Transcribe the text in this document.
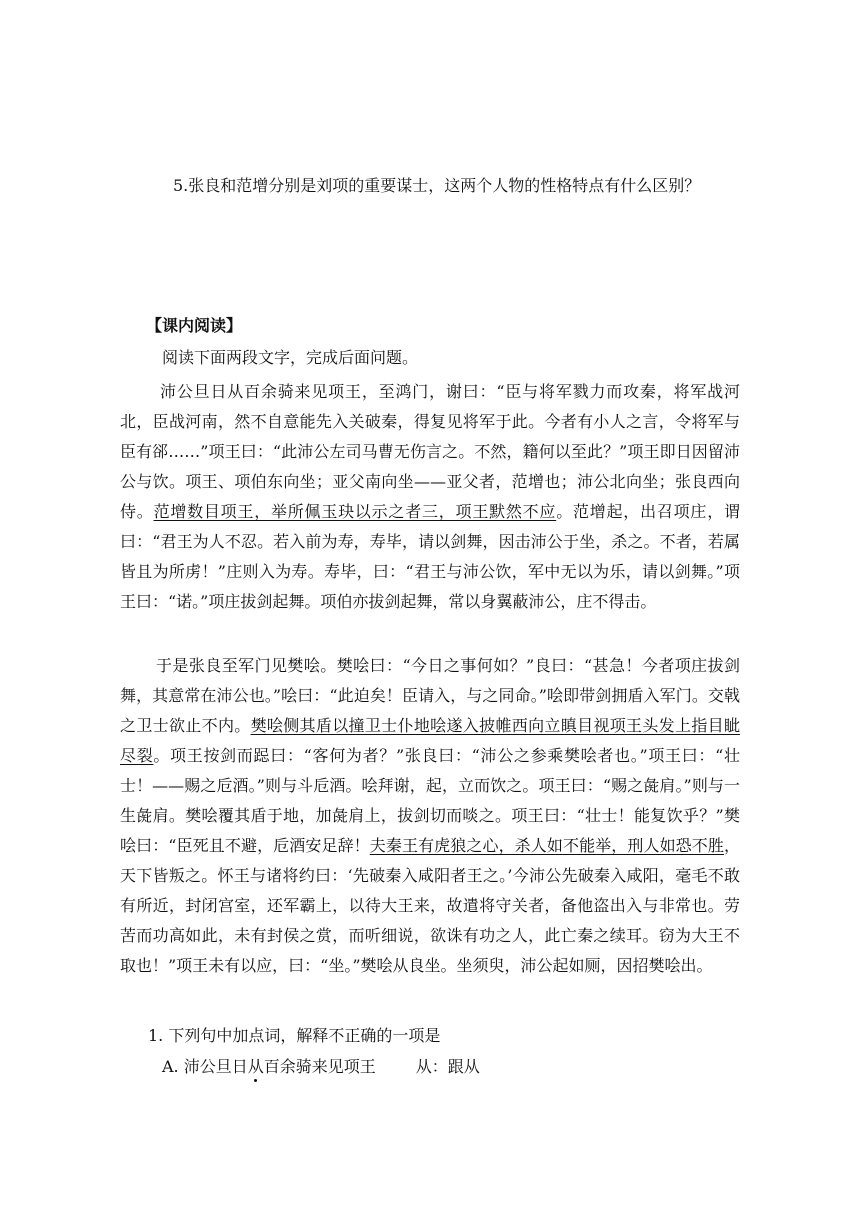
5.张良和范增分别是刘项的重要谋士，这两个人物的性格特点有什么区别？
【课内阅读】
阅读下面两段文字，完成后面问题。
沛公旦日从百余骑来见项王，至鸿门，谢曰：“臣与将军戮力而攻秦，将军战河北，臣战河南，然不自意能先入关破秦，得复见将军于此。今者有小人之言，令将军与臣有郤……”项王曰：“此沛公左司马曹无伤言之。不然，籍何以至此？”项王即日因留沛公与饮。项王、项伯东向坐；亚父南向坐——亚父者，范增也；沛公北向坐；张良西向侍。范增数目项王，举所佩玉玦以示之者三，项王默然不应。范增起，出召项庄，谓曰：“君王为人不忍。若入前为寿，寿毕，请以剑舞，因击沛公于坐，杀之。不者，若属皆且为所虏！”庄则入为寿。寿毕，曰：“君王与沛公饮，军中无以为乐，请以剑舞。”项王曰：“诺。”项庄拔剑起舞。项伯亦拔剑起舞，常以身翼蔽沛公，庄不得击。
于是张良至军门见樊哙。樊哙曰：“今日之事何如？”良曰：“甚急！今者项庄拔剑舞，其意常在沛公也。”哙曰：“此迫矣！臣请入，与之同命。”哙即带剑拥盾入军门。交戟之卫士欲止不内。樊哙侧其盾以撞卫士仆地哙遂入披帷西向立瞋目视项王头发上指目眦尽裂。项王按剑而跽曰：“客何为者？”张良曰：“沛公之参乘樊哙者也。”项王曰：“壮士！——赐之卮酒。”则与斗卮酒。哙拜谢，起，立而饮之。项王曰：“赐之彘肩。”则与一生彘肩。樊哙覆其盾于地，加彘肩上，拔剑切而啖之。项王曰：“壮士！能复饮乎？”樊哙曰：“臣死且不避，卮酒安足辞！夫秦王有虎狼之心，杀人如不能举，刑人如恐不胜，天下皆叛之。怀王与诸将约曰：‘先破秦入咸阳者王之。’今沛公先破秦入咸阳，毫毛不敢有所近，封闭宫室，还军霸上，以待大王来，故遣将守关者，备他盗出入与非常也。劳苦而功高如此，未有封侯之赏，而听细说，欲诛有功之人，此亡秦之续耳。窃为大王不取也！”项王未有以应，曰：“坐。”樊哙从良坐。坐须臾，沛公起如厕，因招樊哙出。
1. 下列句中加点词，解释不正确的一项是
A. 沛公旦日从百余骑来见项王	从：跟从
